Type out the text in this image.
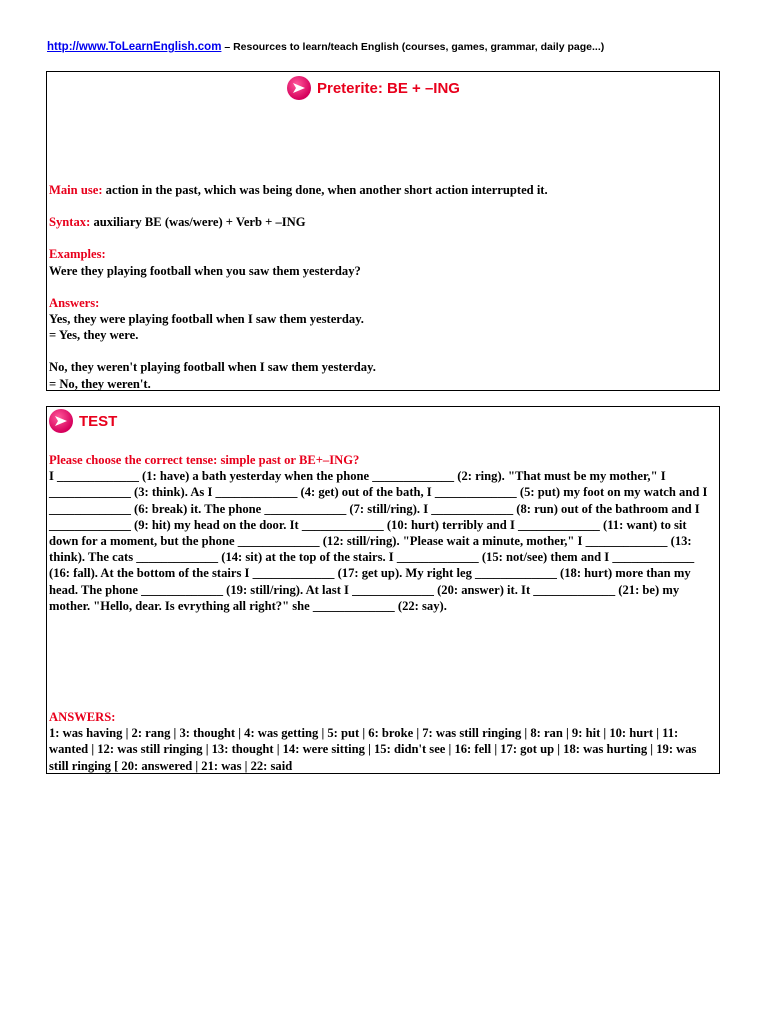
http://www.ToLearnEnglish.com – Resources to learn/teach English (courses, games, grammar, daily page...)
Preterite: BE + –ING

Main use: action in the past, which was being done, when another short action interrupted it.

Syntax: auxiliary BE (was/were) + Verb + –ING

Examples:

Were they playing football when you saw them yesterday?

Answers:

Yes, they were playing football when I saw them yesterday.

= Yes, they were.

No, they weren't playing football when I saw them yesterday.

= No, they weren't.

TEST

Please choose the correct tense: simple past or BE+–ING?

I _____________ (1: have) a bath yesterday when the phone _____________ (2: ring). "That must be my mother," I _____________ (3: think). As I _____________ (4: get) out of the bath, I _____________ (5: put) my foot on my watch and I _____________ (6: break) it. The phone _____________ (7: still/ring). I _____________ (8: run) out of the bathroom and I _____________ (9: hit) my head on the door. It _____________ (10: hurt) terribly and I _____________ (11: want) to sit down for a moment, but the phone _____________ (12: still/ring). "Please wait a minute, mother," I _____________ (13: think). The cats _____________ (14: sit) at the top of the stairs. I _____________ (15: not/see) them and I _____________ (16: fall). At the bottom of the stairs I _____________ (17: get up). My right leg _____________ (18: hurt) more than my head. The phone _____________ (19: still/ring). At last I _____________ (20: answer) it. It _____________ (21: be) my mother. "Hello, dear. Is evrything all right?" she _____________ (22: say).

ANSWERS:

1: was having | 2: rang | 3: thought | 4: was getting | 5: put | 6: broke | 7: was still ringing | 8: ran | 9: hit | 10: hurt | 11: wanted | 12: was still ringing | 13: thought | 14: were sitting | 15: didn't see | 16: fell | 17: got up | 18: was hurting | 19: was still ringing [ 20: answered | 21: was | 22: said
